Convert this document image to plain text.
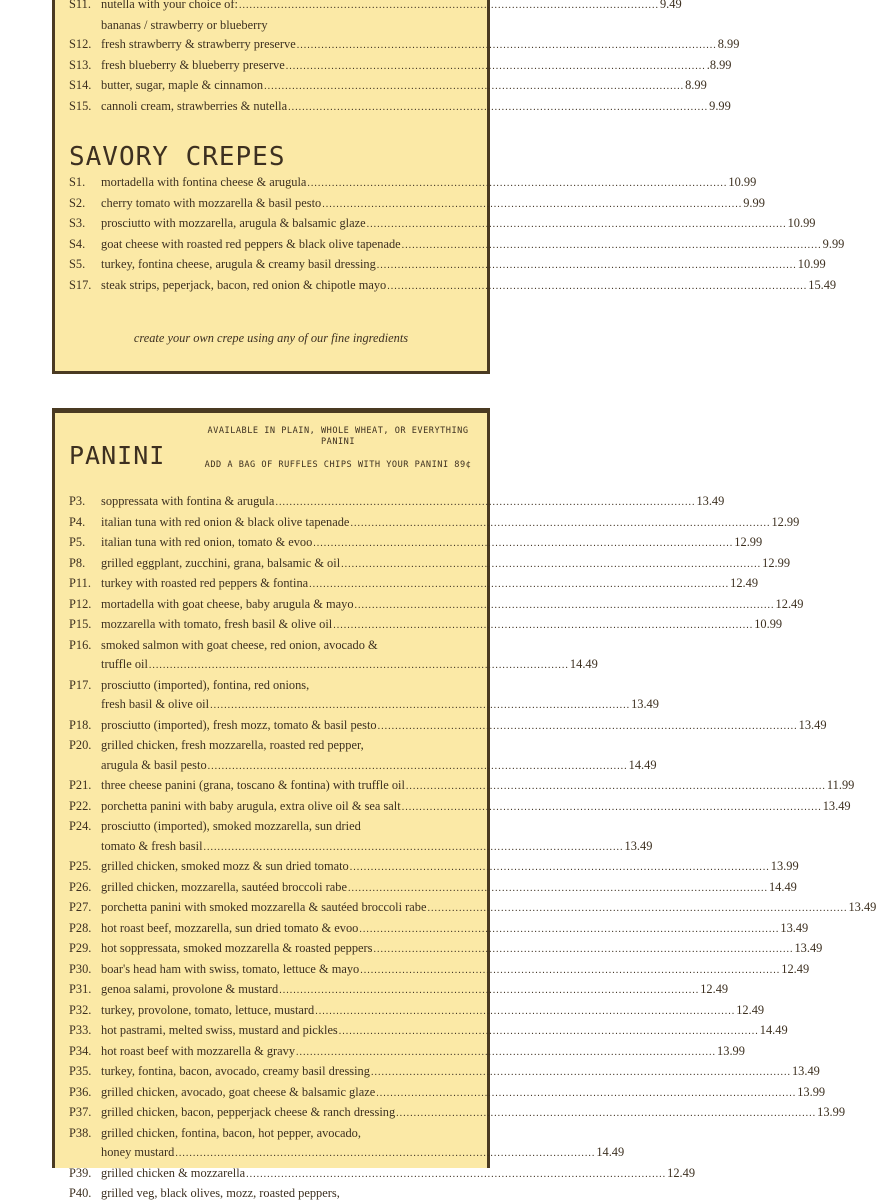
S11. nutella with your choice of: .....	9.49
bananas / strawberry or blueberry
S12. fresh strawberry & strawberry preserve .....	8.99
S13. fresh blueberry & blueberry preserve .....	.8.99
S14. butter, sugar, maple & cinnamon .....	8.99
S15. cannoli cream, strawberries & nutella .....	9.99
SAVORY CREPES
S1.	mortadella with fontina cheese & arugula .....	10.99
S2.	cherry tomato with mozzarella & basil pesto .....	9.99
S3.	prosciutto with mozzarella, arugula & balsamic glaze .....	10.99
S4.	goat cheese with roasted red peppers & black olive tapenade .....	9.99
S5.	turkey, fontina cheese, arugula & creamy basil dressing .....	10.99
S17. steak strips, peperjack, bacon, red onion & chipotle mayo .....	15.49
create your own crepe using any of our fine ingredients
PANINI
AVAILABLE IN PLAIN, WHOLE WHEAT, OR EVERYTHING PANINI
ADD A BAG OF RUFFLES CHIPS WITH YOUR PANINI 89¢
P3.	soppressata with fontina & arugula .....	13.49
P4.	italian tuna with red onion & black olive tapenade .....	12.99
P5.	italian tuna with red onion, tomato & evoo .....	12.99
P8.	grilled eggplant, zucchini, grana, balsamic & oil .....	12.99
P11. turkey with roasted red peppers & fontina .....	12.49
P12. mortadella with goat cheese, baby arugula & mayo .....	12.49
P15. mozzarella with tomato, fresh basil & olive oil .....	10.99
P16. smoked salmon with goat cheese, red onion, avocado &
truffle oil .....	14.49
P17. prosciutto (imported), fontina, red onions,
fresh basil & olive oil .....	13.49
P18. prosciutto (imported), fresh mozz, tomato & basil pesto .....	13.49
P20. grilled chicken, fresh mozzarella, roasted red pepper,
arugula & basil pesto .....	14.49
P21. three cheese panini (grana, toscano & fontina) with truffle oil .....	11.99
P22. porchetta panini with baby arugula, extra olive oil & sea salt .....	13.49
P24. prosciutto (imported), smoked mozzarella, sun dried
tomato & fresh basil .....	13.49
P25. grilled chicken, smoked mozz & sun dried tomato .....	13.99
P26. grilled chicken, mozzarella, sautéed broccoli rabe .....	14.49
P27. porchetta panini with smoked mozzarella & sautéed broccoli rabe .....	13.49
P28. hot roast beef, mozzarella, sun dried tomato & evoo .....	13.49
P29. hot soppressata, smoked mozzarella & roasted peppers .....	13.49
P30. boar's head ham with swiss, tomato, lettuce & mayo .....	12.49
P31. genoa salami, provolone & mustard .....	12.49
P32. turkey, provolone, tomato, lettuce, mustard .....	12.49
P33. hot pastrami, melted swiss, mustard and pickles .....	14.49
P34. hot roast beef with mozzarella & gravy .....	13.99
P35. turkey, fontina, bacon, avocado, creamy basil dressing .....	13.49
P36. grilled chicken, avocado, goat cheese & balsamic glaze .....	13.99
P37. grilled chicken, bacon, pepperjack cheese & ranch dressing .....	13.99
P38. grilled chicken, fontina, bacon, hot pepper, avocado,
honey mustard .....	14.49
P39. grilled chicken & mozzarella .....	12.49
P40. grilled veg, black olives, mozz, roasted peppers,
